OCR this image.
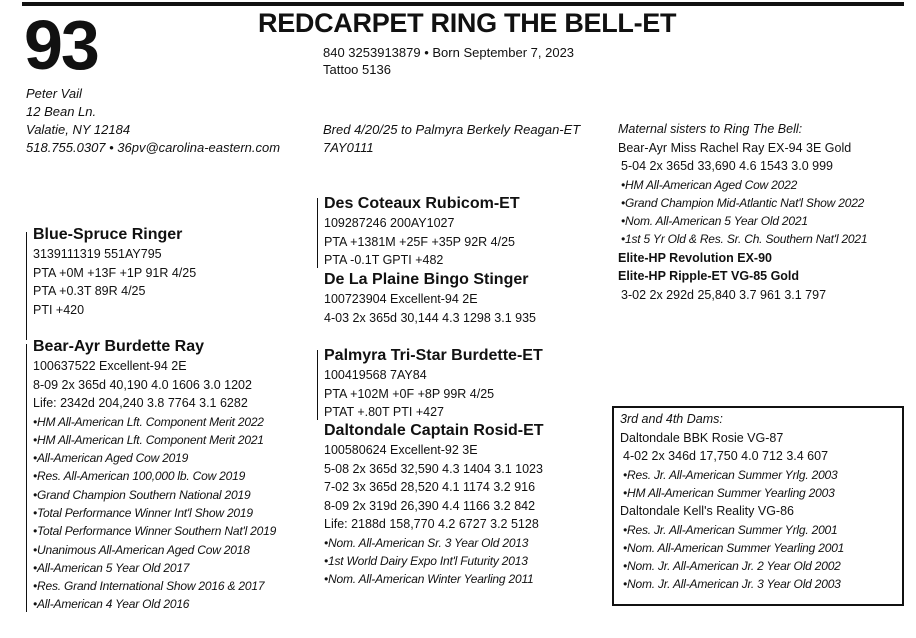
93	REDCARPET RING THE BELL-ET
840 3253913879 • Born September 7, 2023
Tattoo 5136
Peter Vail
12 Bean Ln.
Valatie, NY 12184
518.755.0307 • 36pv@carolina-eastern.com
Bred 4/20/25 to Palmyra Berkely Reagan-ET
7AY0111
Blue-Spruce Ringer
3139111319 551AY795
PTA +0M +13F +1P 91R 4/25
PTA +0.3T 89R 4/25
PTI +420
Bear-Ayr Burdette Ray
100637522 Excellent-94 2E
8-09 2x 365d 40,190 4.0 1606 3.0 1202
Life: 2342d 204,240 3.8 7764 3.1 6282
•HM All-American Lft. Component Merit 2022
•HM All-American Lft. Component Merit 2021
•All-American Aged Cow 2019
•Res. All-American 100,000 lb. Cow 2019
•Grand Champion Southern National 2019
•Total Performance Winner Int'l Show 2019
•Total Performance Winner Southern Nat'l 2019
•Unanimous All-American Aged Cow 2018
•All-American 5 Year Old 2017
•Res. Grand International Show 2016 & 2017
•All-American 4 Year Old 2016
Des Coteaux Rubicom-ET
109287246 200AY1027
PTA +1381M +25F +35P 92R 4/25
PTA -0.1T GPTI +482
De La Plaine Bingo Stinger
100723904 Excellent-94 2E
4-03 2x 365d 30,144 4.3 1298 3.1 935
Palmyra Tri-Star Burdette-ET
100419568 7AY84
PTA +102M +0F +8P 99R 4/25
PTAT +.80T PTI +427
Daltondale Captain Rosid-ET
100580624 Excellent-92 3E
5-08 2x 365d 32,590 4.3 1404 3.1 1023
7-02 3x 365d 28,520 4.1 1174 3.2 916
8-09 2x 319d 26,390 4.4 1166 3.2 842
Life: 2188d 158,770 4.2 6727 3.2 5128
•Nom. All-American Sr. 3 Year Old 2013
•1st World Dairy Expo Int'l Futurity 2013
•Nom. All-American Winter Yearling 2011
Maternal sisters to Ring The Bell:
Bear-Ayr Miss Rachel Ray EX-94 3E Gold
5-04 2x 365d 33,690 4.6 1543 3.0 999
•HM All-American Aged Cow 2022
•Grand Champion Mid-Atlantic Nat'l Show 2022
•Nom. All-American 5 Year Old 2021
•1st 5 Yr Old & Res. Sr. Ch. Southern Nat'l 2021
Elite-HP Revolution EX-90
Elite-HP Ripple-ET VG-85 Gold
3-02 2x 292d 25,840 3.7 961 3.1 797
3rd and 4th Dams:
Daltondale BBK Rosie VG-87
4-02 2x 346d 17,750 4.0 712 3.4 607
•Res. Jr. All-American Summer Yrlg. 2003
•HM All-American Summer Yearling 2003
Daltondale Kell's Reality VG-86
•Res. Jr. All-American Summer Yrlg. 2001
•Nom. All-American Summer Yearling 2001
•Nom. Jr. All-American Jr. 2 Year Old 2002
•Nom. Jr. All-American Jr. 3 Year Old 2003
